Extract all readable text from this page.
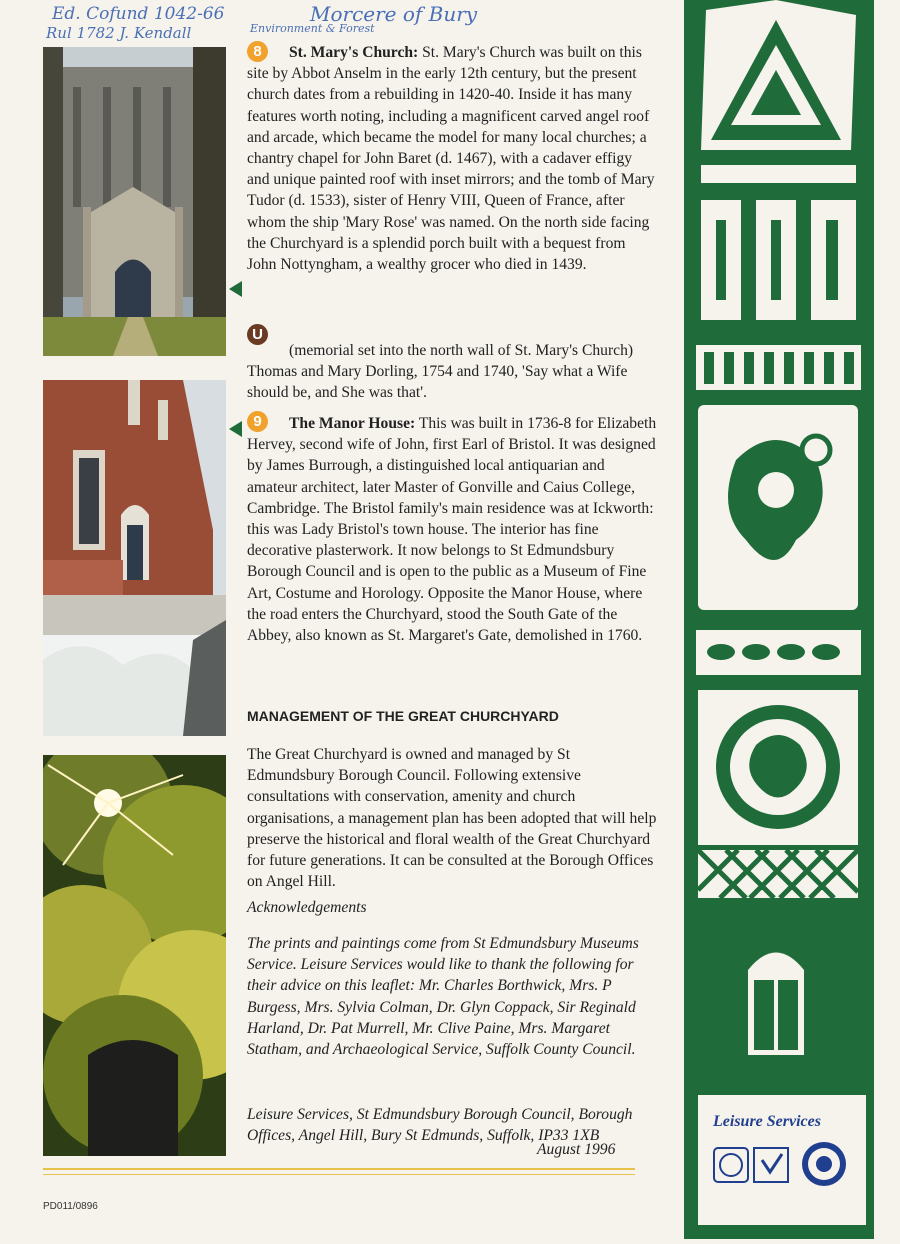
Ed. Cofund 1042-66	Morcere of Bury
Rul 1782 J. Kendall	Environment & Forest

St. Mary's Church: St. Mary's Church was built on this site by Abbot Anselm in the early 12th century, but the present church dates from a rebuilding in 1420-40. Inside it has many features worth noting, including a magnificent carved angel roof and arcade, which became the model for many local churches; a chantry chapel for John Baret (d. 1467), with a cadaver effigy and unique painted roof with inset mirrors; and the tomb of Mary Tudor (d. 1533), sister of Henry VIII, Queen of France, after whom the ship 'Mary Rose' was named. On the north side facing the Churchyard is a splendid porch built with a bequest from John Nottyngham, a wealthy grocer who died in 1439.

8

(memorial set into the north wall of St. Mary's Church) Thomas and Mary Dorling, 1754 and 1740, 'Say what a Wife should be, and She was that'.

U

The Manor House: This was built in 1736-8 for Elizabeth Hervey, second wife of John, first Earl of Bristol. It was designed by James Burrough, a distinguished local antiquarian and amateur architect, later Master of Gonville and Caius College, Cambridge. The Bristol family's main residence was at Ickworth: this was Lady Bristol's town house. The interior has fine decorative plasterwork. It now belongs to St Edmundsbury Borough Council and is open to the public as a Museum of Fine Art, Costume and Horology. Opposite the Manor House, where the road enters the Churchyard, stood the South Gate of the Abbey, also known as St. Margaret's Gate, demolished in 1760.

9
MANAGEMENT OF THE GREAT CHURCHYARD
The Great Churchyard is owned and managed by St Edmundsbury Borough Council. Following extensive consultations with conservation, amenity and church organisations, a management plan has been adopted that will help preserve the historical and floral wealth of the Great Churchyard for future generations. It can be consulted at the Borough Offices on Angel Hill.
Acknowledgements
The prints and paintings come from St Edmundsbury Museums Service. Leisure Services would like to thank the following for their advice on this leaflet: Mr. Charles Borthwick, Mrs. P Burgess, Mrs. Sylvia Colman, Dr. Glyn Coppack, Sir Reginald Harland, Dr. Pat Murrell, Mr. Clive Paine, Mrs. Margaret Statham, and Archaeological Service, Suffolk County Council.
Leisure Services, St Edmundsbury Borough Council, Borough Offices, Angel Hill, Bury St Edmunds, Suffolk, IP33 1XB
August 1996
PD011/0896
Leisure Services
